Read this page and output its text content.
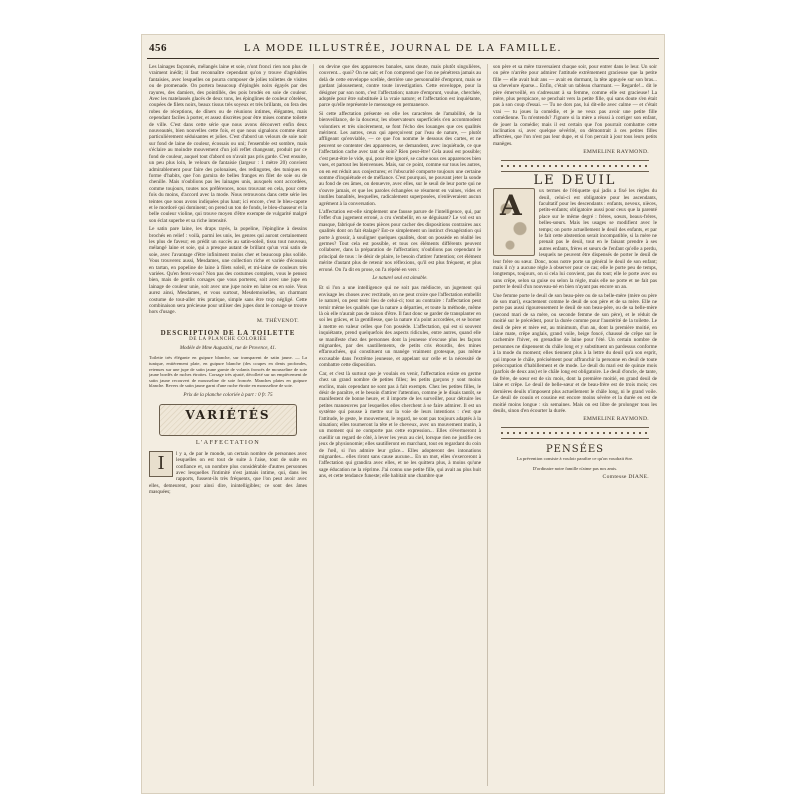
456	LA MODE ILLUSTRÉE, JOURNAL DE LA FAMILLE.
Les lainages façonnés, mélangés laine et soie, n'ont fronci rien non plus de vraiment inédit; il faut reconnaître cependant qu'on y trouve d'agréables fantaisies, avec lesquelles on pourra composer de jolies toilettes de visites ou de promenade. On portera beaucoup d'épinglés noirs égayés par des rayures, des damiers, des pointillés, des pois brodés en soie de couleur. Avec les matelassés glacés de deux tons, les épinglines de couleur côtelées, coupées de filets noirs, beaux tissus très soyeux et très brillants, on fera des robes de réceptions, de dîners ou de réunions intimes, élégantes, mais cependant faciles à porter, et assez discrètes pour être mises comme toilette de ville. C'est dans cette série que nous avons découvert enfin deux nouveautés, bien nouvelles cette fois, et que nous signalons comme étant particulièrement séduisantes et jolies. C'est d'abord un velours de soie noir sur fond de laine de couleur, écossais ou uni; l'ensemble est sombre, mais s'éclaire au moindre mouvement d'un joli reflet changeant, produit par ce fond de couleur, auquel tout d'abord on n'avait pas pris garde. C'est ensuite, un peu plus loin, le velours de fantaisie (largeur : 1 mètre 20) convient admirablement pour faire des polonaises, des redingotes, des tuniques en forme d'habits, que l'on garnira de belles franges en filet de soie ou de chenille. Mais n'oublions pas les lainages unis, auxquels sont accordées, comme toujours, toutes nos préférences, nous trouvant en cela, pour cette fois du moins, d'accord avec la mode. Nous retrouvons dans cette série les teintes que nous avons indiquées plus haut; ici encore, c'est le bleu-capote et le mordoré qui dominent; on prend un ton de fonds, le bleu-chasseur et la belle couleur violine, qui trouve moyen d'être exempte de vulgarité malgré son éclat superbe et sa riche intensité.
Le satin pare laine, les draps rayés, la popeline, l'épingline à dessins brochés en relief : voilà, parmi les unis, les genres qui auront certainement les plus de faveur; en prédit un succès au satin-soleil, tissu tout nouveau, mélangé laine et soie, qui a presque autant de brillant qu'un vrai satin de soie, avec l'avantage d'être infiniment moins cher et beaucoup plus solide. Vous trouverez aussi, Mesdames, une collection riche et variée d'écossais en tartan, en popeline de laine à filets soleil, et mi-laine de couleurs très variées. Qu'en ferez-vous? Non pas des costumes complets, vous le pensez bien, mais de gentils corsages que vous porterez, soit avec une jupe en lainage de couleur unie, soit avec une jupe noire en laine ou en soie. Vous aurez ainsi, Mesdames, et vous surtout, Mesdemoiselles, un charmant costume de tout-aller très pratique, simple sans être trop négligé. Cette combinaison sera précieuse pour utiliser des jupes dont le corsage se trouve hors d'usage.
M. THÉVENOT.
DESCRIPTION DE LA TOILETTE
DE LA PLANCHE COLORIÉE
Modèle de Mme Augustini, rue de Provence, 41.
Toilette très élégante en guipure blanche, sur transparent de satin jaune. — La tunique, entièrement plate, en guipure blanche (des coupes en dents profondes, retenues sur une jupe de satin jaune garnie de volants froncés de mousseline de soie jaune bordés de ruches étroites. Corsage très ajusté, décolleté sur un empiècement de satin jaune recouvert de mousseline de soie froncée. Manches plates en guipure blanche. Revers de satin jaune garni d'une ruche étroite en mousseline de soie.
Prix de la planche coloriée à part : 0 fr. 75
VARIÉTÉS
L'AFFECTATION
I	l y a, de par le monde, un certain nombre de personnes avec lesquelles on est tout de suite à l'aise, tout de suite en confiance et, un nombre plus considérable d'autres personnes avec lesquelles l'intimité n'est jamais intime, qui, dans les rapports, fussent-ils très fréquents, que l'on peut avoir avec elles, demeurent, pour ainsi dire, inintelligibles; ce sont des âmes masquées;
on devine que des apparences banales, sans doute, mais plutôt singulières, couvrent... quoi? On ne sait; et l'on comprend que l'on ne pénétrera jamais au delà de cette enveloppe scellée, derrière une personnalité d'emprunt, mais se gardant jalousement, contre toute investigation. Cette enveloppe, pour la désigner par son nom, c'est l'affectation; nature d'emprunt, voulue, cherchée, adoptée pour être substituée à la vraie nature; et l'affectation est inquiétante, parce qu'elle représente le mensonge en permanence.
Si cette affectation présente en elle les caractères de l'amabilité, de la bienveillance, de la douceur, les observateurs superficiels s'en accommodent volontiers et très sincèrement, se font l'écho des louanges que ces qualités méritent. Les autres, ceux qui aperçoivent par l'eau de nature, — plutôt affligeant qu'enviable, — ce que l'on nomme le dessous des cartes, et ne peuvent se contenter des apparences, se demandent, avec inquiétude, ce que l'affectation cache avec tant de soin? Rien peut-être! Cela aussi est possible; c'est peut-être le vide, qui, pour être ignoré, se cache sous ces apparences bien vues, et partout les bienvenues. Mais, sur ce point, comme sur tous les autres, on en est réduit aux conjectures; et l'obscurité comporte toujours une certaine somme d'inquiétude et de méfiance. C'est pourquoi, ne pouvant jeter la sonde au fond de ces âmes, on denuevre, avec elles, sur le seuil de leur porte qui ne s'ouvre jamais, et que les paroles échangées se résument en vaines, vides et inutiles banalités, lesquelles, radicalement superposées, n'enlèveraient aucun agrément à la conversation.
L'affectation est-elle simplement une fausse parure de l'intelligence, qui, par l'effet d'un jugement erroné, a cru s'embellir, en se déguisant? Le vol est un masque, fabriqué de toutes pièces pour cacher des dispositions contraires aux qualités dont on fait étalage? Est-ce simplement un instinct d'exagération qui porte à grossir, à souligner quelques qualités, dont on possède en réalité les germes? Tout cela est possible, et tous ces éléments différents peuvent collaborer, dans la préparation de l'affectation; n'oublions pas cependant le principal de tous : le désir de plaire, le besoin d'attirer l'attention; cet élément mérite d'autant plus de retenir nos réflexions, qu'il est plus fréquent, et plus erroné. On l'a dit en prose, on l'a répété en vers :
Le naturel seul est aimable.
Et si l'on a une intelligence qui ne soit pas médiocre, un jugement qui envisage les choses avec rectitude, on ne peut croire que l'affectation embellit le naturel, on peut tenir lieu de celui-ci; tout au contraire : l'affectation peut ternir même les qualités que la nature a départies, et toute la méthode, même là où elle n'aurait pas de raison d'être. Il faut donc se garder de transplanter en soi les grâces, et la gentillesse, que la nature n'a point accordées, et se borner à mettre en valeur celles que l'on possède. L'affectation, qui est si souvent inquiétante, prend quelquefois des aspects ridicules, entre autres, quand elle se manifeste chez des personnes dont la jeunesse n'excuse plus les façons mignardes, par des sautillements, de petits cris étourdis, des mines effarouchées, qui constituent un manège vraiment grotesque, pas même excusable dans l'extrême jeunesse, et appelant sur celle et la nécessité de combattre cette disposition.
Car, et c'est là surtout que je voulais en venir, l'affectation existe en germe chez un grand nombre de petites filles; les petits garçons y sont moins enclins, mais cependant ne sont pas à fait exempts. Chez les petites filles, le désir de paraître, et le besoin d'attirer l'attention, comme je le disais tantôt, se manifestent de bonne heure, et il importe de les surveiller, pour détruire les petites manœuvres par lesquelles elles cherchent à se faire admirer. Il est un système qui pousse à mettre sur la voie de leurs intentions : c'est que l'attitude, le geste, le mouvement, le regard, ne sont pas toujours adaptés à la situation; elles tourneront la tête et le cheveux, avec un mouvement mutin, à un moment qui ne comporte pas cette expression... Elles s'évertueront à cueillir un regard de côté, à lever les yeux au ciel, lorsque rien ne justifie ces jeux de physionomie; elles sautilleront en marchant, tout en regardant du coin de l'œil, si l'on admire leur grâce... Elles adopteront des intonations mignardes... elles riront sans cause aucune... En un mot, elles s'exerceront à l'affectation qui grandira avec elles, et ne les quittera plus, à moins qu'une sage éducation ne la réprime. J'ai connu une petite fille, qui avait au plus huit ans, et cette tendance funeste; elle habitait une chambre que
son père et sa mère traversaient chaque soir, pour entrer dans le leur. Un soir on père n'arrête pour admirer l'attitude extrêmement gracieuse que la petite fille — elle avait huit ans — avait en dormant, la tête appuyée sur son bras... sa chevelure éparse... Enfin, c'était un tableau charmant. — Regarde!... dit le père émerveillé, en s'adressant à sa femme, comme elle est gracieuse! La mère, plus perspicace, se penchait vers la petite fille, qui sans doute s'en était pas à son coup d'essai. — Tu ne dors pas, lui dit-elle avec calme — et c'était vrai — tu joues la comédie, et je ne veux pas avoir une petite fille comédienne. Tu m'entends? J'ignore si la mère a réussi à corriger son enfant, de jouer la comédie; mais il est certain que l'on pourrait combattre cette inclination si, avec quelque sévérité, on démontrait à ces petites filles affectées, que l'on n'est pas leur dupe, et si l'on percait à jour tous leurs petits manèges.
EMMELINE RAYMOND.
LE DEUIL
A	ux termes de l'étiquette qui jadis a fixé les règles du deuil, celui-ci est obligatoire pour les ascendants, facultatif pour les descendants : enfants, neveux, nièces, petits-enfants; obligatoire aussi pour ceux que la parenté place sur le même degré : frères, sœurs, beaux-frères, belles-sœurs. Mais les usages se modifient avec le temps; on porte actuellement le deuil des enfants, et par le fait cette abstention serait incompatible, si la mère ne prenait pas le deuil, tout en le faisant prendre à ses autres enfants, frères et sœurs de l'enfant qu'elle a perdu, lesquels ne peuvent être dispensés de porter le deuil de leur frère ou sœur. Donc, nous notre porte un général le deuil de son enfant; mais il n'y a aucune règle à observer pour ce cas; elle le porte peu de temps, longtemps, toujours, on si cela lui convient, pas du tout; elle le porte avec ou sans crêpe, selon sa guise ou selon la règle, mais elle ne porte et ne fait pas porter le deuil d'un nouveau-né en bien n'ayant pas encore un an.
Une femme porte le deuil de son beau-père ou de sa belle-mère (mère ou père de son mari), exactement comme le deuil de son père et de sa mère. Elle ne porte pas aussi rigoureusement le deuil de son beau-père, ou de sa belle-mère (second mari de sa mère, ou seconde femme de son père), et le réduit de moitié sur le précédent, pour la durée comme pour l'austérité de la toilette. Le deuil de père et mère est, au minimum, d'un an, dont la première moitié, en laine mate, crêpe anglais, grand voile, beige foncé, chaussé de crêpe sur le cachemire l'hiver, en grenadine de laine pour l'été. Un certain nombre de personnes ne dispensent du châle long et y substituent un pardessus conforme à la mode du moment; elles tiennent plus à la lettre du deuil qu'à son esprit, qui impose le châle, précisément pour affranchir la personne en deuil de toute préoccupation d'habillement et de mode. Le deuil du mari est de quinze mois (parfois de deux ans) et le châle long est obligatoire. Le deuil d'oncle, de tante, de frère, de sœur est de six mois, dont la première moitié, en grand deuil de laine et crêpe. Le deuil de belle-sœur et de beau-frère est de trois mois; ces dernières deuils n'imposent plus actuellement le châle long, ni le grand voile. Le deuil de cousin et cousine est encore moins sévère et la durée en est de moitié moins longue : six semaines. Mais on est libre de prolonger tous les deuils, sinon d'en écourter la durée.
EMMELINE RAYMOND.
PENSÉES
La prévention consiste à vouloir paraître ce qu'on voudrait être.
D'ordinaire notre famille n'aime pas nos amis.
Comtesse DIANE.
